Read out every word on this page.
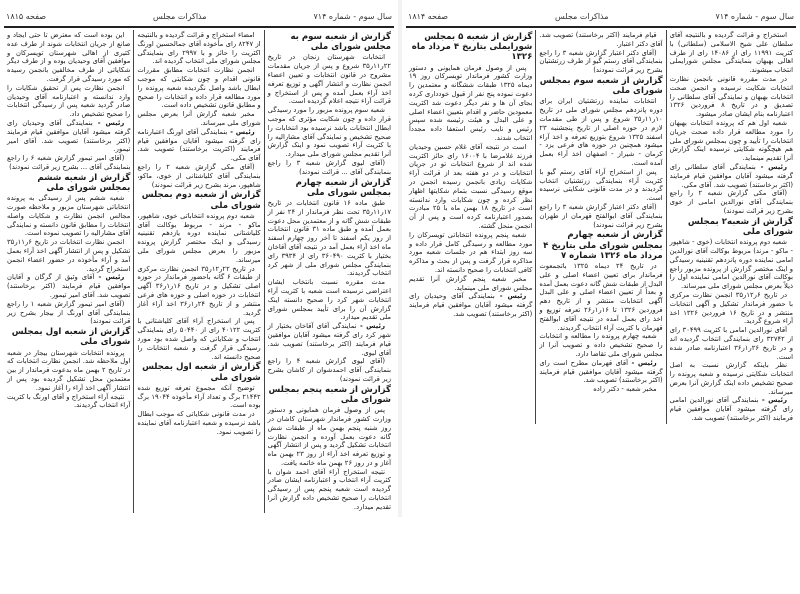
سال سوم - شماره ۷۱۴
مذاکرات مجلس
صفحه ۱۸۱۵
گزارش از شعبه سوم به مجلس شورای ملی

انتخابات شهرستان زنجان در تاریخ ۲۲ر۱۱ر۳۵ شروع و پس از جریان مقدمات مشروح در قانون انتخابات و تعیین اعضاء انجمن نظارت و انتشار آگهی و توزیع تعرفه اخذ آراء بعمل آمده و پس از استخراج و قرائت آراء نتیجه اعلام گردیده است.

شعبه سوم پرونده مزبور را مورد رسیدگی قرار داده و چون شکایت مؤثری که موجب ابطال انتخابات باشد نرسیده بود انتخابات را صحیح تشخیص و نمایندگی آقای مشارالیه را با کثریت آراء تصویب نمود و اینک گزارش آنرا تقدیم مجلس شورای ملی میدارد.

(آقای لیوی گزارش شعبه ۳ را راجع بنمایندگی آقای ... قرائت نمودند)

گزارش از شعبه چهارم بمجلس شورای ملی

طبق ماده ۱۶ قانون انتخابات در تاریخ ۱۷ر۱۱ر۳۵ تحت نظر فرماندار از ۲۴ نفر از طبقات شش گانه و از معتمدین محل دعوت بعمل آمده و طبق ماده ۳۱ قانون انتخابات از روز یکم اسفند تا آخر روز چهارم اسفند ماه اخذ آراء بعمل آمد در نتیجه آقای آقاخان بختیار با کثریت ۳۶۰۴۹۰ رای از ۳۹۳۴ رای بنمایندگی مجلس شورای ملی از شهر کرد انتخاب گردیدند.

مدت مقرره نسبت بانتخاب ایشان اعتراضی نرسیده است شعبه با کثریت آراء انتخابات شهر کرد را صحیح دانسته اینک گزارش آن را برای تأیید بمجلس شورای ملی تقدیم میدارد.

رئیس - نمایندگی آقای آقاخان بختیار از شهر کرد رای گرفته میشود آقایان موافقین قیام فرمایند (اکثر برخاستند) تصویب شد. آقای لیوی.

(آقای لیوی گزارش شعبه ۴ را راجع بنمایندگی آقای احمدشوان از کاشان بشرح زیر قرائت نمودند)

گزارش از شعبه پنجم بمجلس شورای ملی

پس از وصول فرمان همایونی و دستور وزارت کشور فرماندار شهرستان کاشان در روز شنبه پنجم بهمن ماه از طبقات شش گانه دعوت بعمل آورده و انجمن نظارت انتخابات تشکیل گردید و پس از انتشار آگهی و توزیع تعرفه اخذ آراء از روز ۲۳ بهمن ماه آغاز و در روز ۲۶ بهمن ماه خاتمه یافت.

نتیجه استخراج آراء آقای احمد شوان با کثریت آراء انتخاب و اعتبارنامه ایشان صادر گردیده است شعبه پنجم پس از رسیدگی انتخابات را صحیح تشخیص داده گزارش آنرا تقدیم میدارد.

امضاء استخراج و قرائت گردیده و بالنتیجه از ۸۲۴۷ رای مأخوذه آقای جمالحسین اورنگ اکثریت را حائز و با ۲۹۹۷ رای بنمایندگی مجلس شورای ملی انتخاب گردیده اند.

انجمن نظارت انتخابات مطابق مقررات قانونی اقدام و چون شکایتی که موجب ابطال باشد واصل نگردیده شعبه پرونده را مورد مطالعه قرار داده و انتخابات را صحیح و مطابق قانون تشخیص داده است.

مخبر شعبه گزارش آنرا بعرض مجلس شورای ملی میرساند.

رئیس - بنمایندگی آقای اورنگ اعتبارنامه رای گرفته میشود آقایان موافقین قیام فرمایند (اکثریت برخاستند) تصویب شد. آقای مکی.

(آقای مکی گزارش شعبه ۲ را راجع بنمایندگی آقای کلیاشتانی از خوی، ماکو، شاهپور، مرند بشرح زیر قرائت نمودند)

گزارش از شعبه دوم بمجلس شورای ملی

شعبه دوم پرونده انتخاباتی خوی، شاهپور، ماکو - مرند - مربوط بوکالت آقای کلیاشتانی نماینده دوره یازدهم تقنینیه رسیدگی و اینک مختصر گزارش پرونده مزبور را بعرض مجلس شورای ملی میرساند.

در تاریخ ۲۲ر۱۲ر۳۵ انجمن نظارت مرکزی از طبقات ۶ گانه باحضور فرماندار در حوزه اصلی تشکیل و در تاریخ ۱۶ر۱ر۳۶ آگهی انتخابات در حوزه اصلی و حوزه های فرعی منتشر و از تاریخ ۲۴ر۱ر۳۶ اخذ آراء آغاز گردید.

پس از استخراج آراء آقای کلیاشتانی با کثریت ۴۰۱۲۲ رای از ۵۰۴۴۰ رای بنمایندگی انتخاب و شکایاتی که واصل شده بود مورد رسیدگی قرار گرفت و شعبه انتخابات را صحیح دانسته اند.

گزارش از شعبه اول بمجلس شورای ملی

توضیح آنکه مجموع تعرفه توزیع شده ۲۱۴۴۲ برگ و تعداد آراء مأخوذه ۱۹۰۴۴ برگ بوده است.

در مدت قانونی شکایاتی که موجب ابطال باشد نرسیده و شعبه اعتبارنامه آقای نماینده را تصویب نمود.

این بوده است که معترض تا حتی ایجاد و صانع از جریان انتخابات شوند از طرف عده کثیری از اهالی شهرستان تویسرکان و موافقین آقای وحیدیان بوده و از طرف دیگر شکایاتی از طرف مخالفین بانجمن رسیده که مورد رسیدگی قرار گرفت.

انجمن نظارت پس از تحقیق شکایات را وارد ندانسته و اعتبارنامه آقای وحیدیان صادر گردید شعبه پس از رسیدگی انتخابات را صحیح تشخیص داد.

رئیس - بنمایندگی آقای وحیدیان رای گرفته میشود آقایان موافقین قیام فرمایند (اکثر برخاستند) تصویب شد. آقای امیر تیمور.

(آقای امیر تیمور گزارش شعبه ۶ را راجع بنمایندگی آقای ... بشرح زیر قرائت نمودند)

گزارش از شعبه ششم بمجلس شورای ملی

شعبه ششم پس از رسیدگی به پرونده انتخاباتی شهرستان مزبور و ملاحظه صورت مجالس انجمن نظارت و شکایات واصله انتخابات را مطابق قانون دانسته و نمایندگی آقای مشارالیه را تصویب نموده است.

انجمن نظارت انتخابات در تاریخ ۶ر۱۱ر۳۵ تشکیل و پس از انتشار آگهی اخذ آراء بعمل آمد و آراء مأخوذه در حضور اعضاء انجمن استخراج گردید.

رئیس - آقای وثیق از گرگان و آقایان موافقین قیام فرمایند (اکثر برخاستند) تصویب شد. آقای امیر تیمور.

(آقای امیر تیمور گزارش شعبه ۱ را راجع بنمایندگی آقای اورنگ از بیجار بشرح زیر قرائت نمودند)

گزارش از شعبه اول بمجلس شورای ملی

پرونده انتخابات شهرستان بیجار در شعبه اول ملاحظه شد. انجمن نظارت انتخابات که در تاریخ ۲ بهمن ماه بدعوت فرماندار از بین معتمدین محل تشکیل گردیده بود پس از انتشار آگهی اخذ آراء را آغاز نمود.

نتیجه آراء استخراج و آقای اورنگ با کثریت آراء انتخاب گردیدند.

سال سوم - شماره ۷۱۴
مذاکرات مجلس
صفحه ۱۸۱۴

استخراج و قرائت گردیده و بالنتیجه آقای سلطان علی شیخ الاسلامی (سلطانی) با کثریت ۱۱۹۹۱ رای از ۱۴۰۸۶ رای از طرف اهالی بهبهان بنمایندگی مجلس شورایملی انتخاب میشوند.

در مدت مقرره قانونی بانجمن نظارت انتخابات شکایت نرسیده و انجمن صحت انتخابات بهبهان و نمایندگی آقای سلطانی را تصدیق و در تاریخ ۸ فروردین ۱۳۲۶ اعتبارنامه بنام ایشان صادر میشود.

شعبه اول هم که پرونده انتخابات بهبهان را مورد مطالعه قرار داده صحت جریان انتخابات را تأیید و چون بمجلس شورای ملی هم هیچگونه شکایتی نرسیده اینک گزارش آنرا تقدیم مینماید.

رئیس - بنمایندگی آقای سلطانی رای گرفته میشود آقایان موافقین قیام فرمایند (اکثر برخاستند) تصویب شد. آقای مکی.

(آقای مکی گزارش شعبه ۲ را راجع بنمایندگی آقای نورالدین امامی از خوی بشرح زیر قرائت نمودند)

گزارش از شعبه۲ بمجلس شورای ملی

شعبه دوم پرونده انتخابات (خوی - شاهپور - ماکو - مرند) مربوط بوکالت آقای نورالدین امامی نماینده دوره پانزدهم تقنینیه رسیدگی و اینک مختصر گزارش از پرونده مزبور راجع بوکالت آقای نورالدین امامی نماینده اول را ذیلاً بعرض مجلس شورای ملی میرساند.

در تاریخ ۶ر۱۲ر۳۵ انجمن نظارت مرکزی با حضور فرماندار تشکیل و آگهی انتخابات منتشر و در تاریخ ۱۶ فروردین ۱۳۲۶ اخذ آراء شروع گردید.

آقای نورالدین امامی با کثریت ۳۰۴۹۹ رای از ۳۲۷۴۲ رای بنمایندگی انتخاب گردیده اند و در تاریخ ۲۶ر۱ر۳۶ اعتبارنامه صادر شده است.

نظر باینکه گزارش نسبت به اصل انتخابات شکایتی نرسیده و شعبه پرونده را صحیح تشخیص داده اینک گزارش آنرا بعرض میرساند.

رئیس - بنمایندگی آقای نورالدین امامی رای گرفته میشود آقایان موافقین قیام فرمایند (اکثر برخاستند) تصویب شد.

قیام فرمایند (اکثر برخاستند) تصویب شد. آقای دکتر اعتبار.

(آقای دکتر اعتبار گزارش شعبه ۳ را راجع بنمایندگی آقای رستم گیو از طرف زرتشتیان بشرح زیر قرائت نمودند)

گزارش از شعبه سوم بمجلس شورای ملی

انتخابات نماینده زرتشتیان ایران برای دوره پانزدهم مجلس شورای ملی در تاریخ ۱۰ر۱۱ر۳۵ شروع و پس از طی مقدمات لازم در حوزه اصلی از تاریخ پنجشنبه ۲۳ اسفند ۱۳۲۵ شروع بتوزیع تعرفه و اخذ آراء میشود همچنین در حوزه های فرعی یزد - کرمان - شیراز - اصفهان اخذ آراء بعمل آمده است.

پس از استخراج آراء آقای رستم گیو با کثریت آراء بنمایندگی زرتشتیان انتخاب گردیدند و در مدت قانونی شکایتی نرسیده است.

(آقای دکتر اعتبار گزارش شعبه ۳ را راجع بنمایندگی آقای ابوالفتح قهرمان از طهران بشرح زیر قرائت نمودند)

گزارش از شعبه چهارم بمجلس شورای ملی بتاریخ ۴ مرداد ماه ۱۳۲۶ شماره ۷

در تاریخ ۲۴ دیماه ۱۳۲۵ باتجمعوت فرماندار برای تعیین اعضاء اصلی و علی البدل از طبقات شش گانه دعوت بعمل آمده و بعداً از تعیین اعضاء اصلی و علی البدل آگهی انتخابات منتشر و از تاریخ دهم فروردین ۱۳۲۶ تا ۱۶ر۱ر۲۶ تعرفه توزیع و اخذ رای بعمل آمده در نتیجه آقای ابوالفتح قهرمان با کثریت آراء انتخاب گردیدند.

شعبه چهارم پرونده را مطالعه و انتخابات را صحیح تشخیص داده و تصویب آنرا از مجلس شورای ملی تقاضا دارد.

رئیس - آقای قهرمان مطرح است رای گرفته میشود آقایان موافقین قیام فرمایند (اکثر برخاستند) تصویب شد.

مخبر شعبه - دکتر زاده

گزارش از شعبه ۵ بمجلس شورایملی بتاریخ ۴ مرداد ماه ۱۳۲۶

پس از وصول فرمان همایونی و دستور وزارت کشور فرماندار تویسرکان روز ۱۹ دیماه ۱۳۲۵ طبقات ششگانه و معتمدین را دعوت نموده پنج نفر از قبول خودداری کرده بجای آن ها و نفر دیگر دعوت شد اکثریت معمودین حاضر و اقدام بتعیین اعضاء اصلی و علی البدل و هیئت رئیسه شده سپس رئیس و نایب رئیس استعفا داده مجدداً انتخاب شدند.

است در نتیجه آقای غلام حسین وحیدیان فرزند غلامرضا با ۱۶۰۰۴ رای حائز اکثریت شده اند از شروع انتخابات تو در جریان انتخابات و در دو هفته بعد از قرائت آراء شکایات زیادی بانجمن رسیده انجمن در موقع رسیدگی نسبت بتمام شکایتها اظهار نظر کرده و چون شکایات وارد ندانسته است در تاریخ ۱۸ بهمن ماه با ۲۵ مبادرت بصدور اعتبارنامه کرده است و پس از آن انجمن منحل گشته.

شعبه پنجم پرونده انتخاباتی تویسرکان را مورد مطالعه و رسیدگی کامل قرار داده و سه روز ابتداء هم در جلسات شعبه مورد مذاکره قرار گرفت و پس از بحث و مذاکره کافی انتخابات را صحیح دانسته اند.

مخبر شعبه پنجم گزارش آنرا تقدیم مجلس شورای ملی مینماید.

رئیس - بنمایندگی آقای وحیدیان رای گرفته میشود آقایان موافقین قیام فرمایند (اکثر برخاستند) تصویب شد.
